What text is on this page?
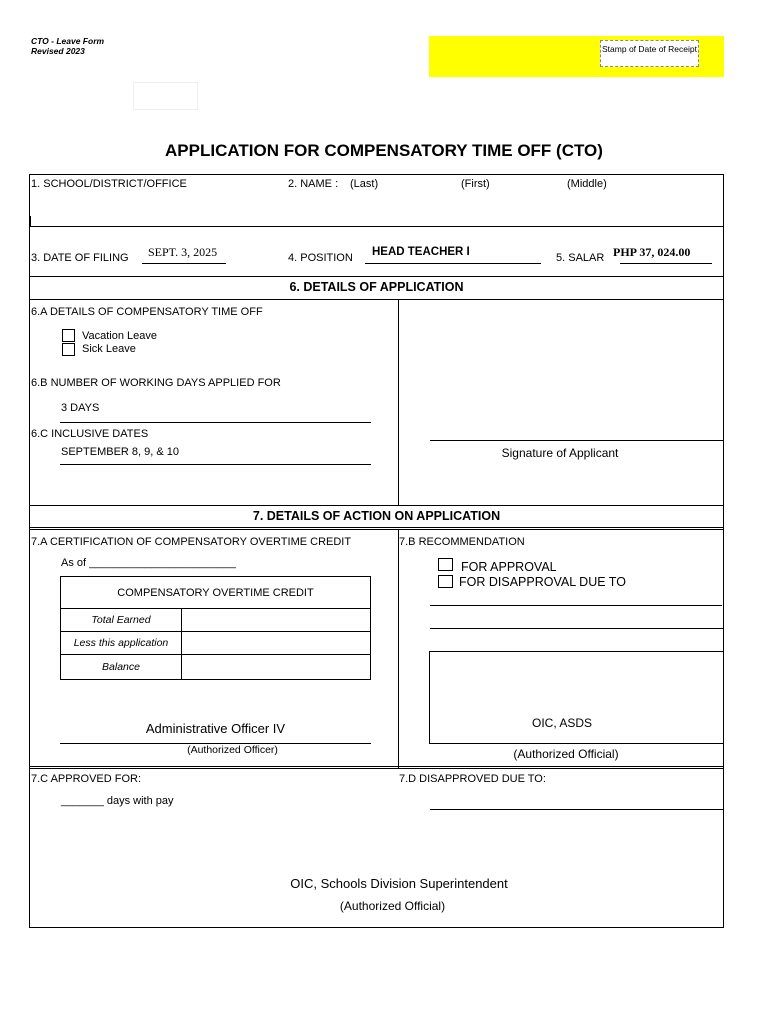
CTO - Leave Form
Revised 2023	Stamp of Date of Receipt
APPLICATION FOR COMPENSATORY TIME OFF (CTO)
1. SCHOOL/DISTRICT/OFFICE	2. NAME : (Last)	(First)	(Middle)
3. DATE OF FILING SEPT. 3, 2025	4. POSITION HEAD TEACHER I	5. SALAR PHP 37, 024.00
6. DETAILS OF APPLICATION
6.A DETAILS OF COMPENSATORY TIME OFF
Vacation Leave
Sick Leave
6.B NUMBER OF WORKING DAYS APPLIED FOR
3 DAYS
6.C INCLUSIVE DATES
SEPTEMBER 8, 9, & 10	Signature of Applicant
7. DETAILS OF ACTION ON APPLICATION
7.A CERTIFICATION OF COMPENSATORY OVERTIME CREDIT
As of ________________________
COMPENSATORY OVERTIME CREDIT	
Total Earned	
Less this application	
Balance	
Administrative Officer IV
(Authorized Officer)
7.B RECOMMENDATION
FOR APPROVAL
FOR DISAPPROVAL DUE TO
OIC, ASDS
(Authorized Official)
7.C APPROVED FOR:
_______ days with pay
7.D DISAPPROVED DUE TO:
OIC, Schools Division Superintendent
(Authorized Official)
